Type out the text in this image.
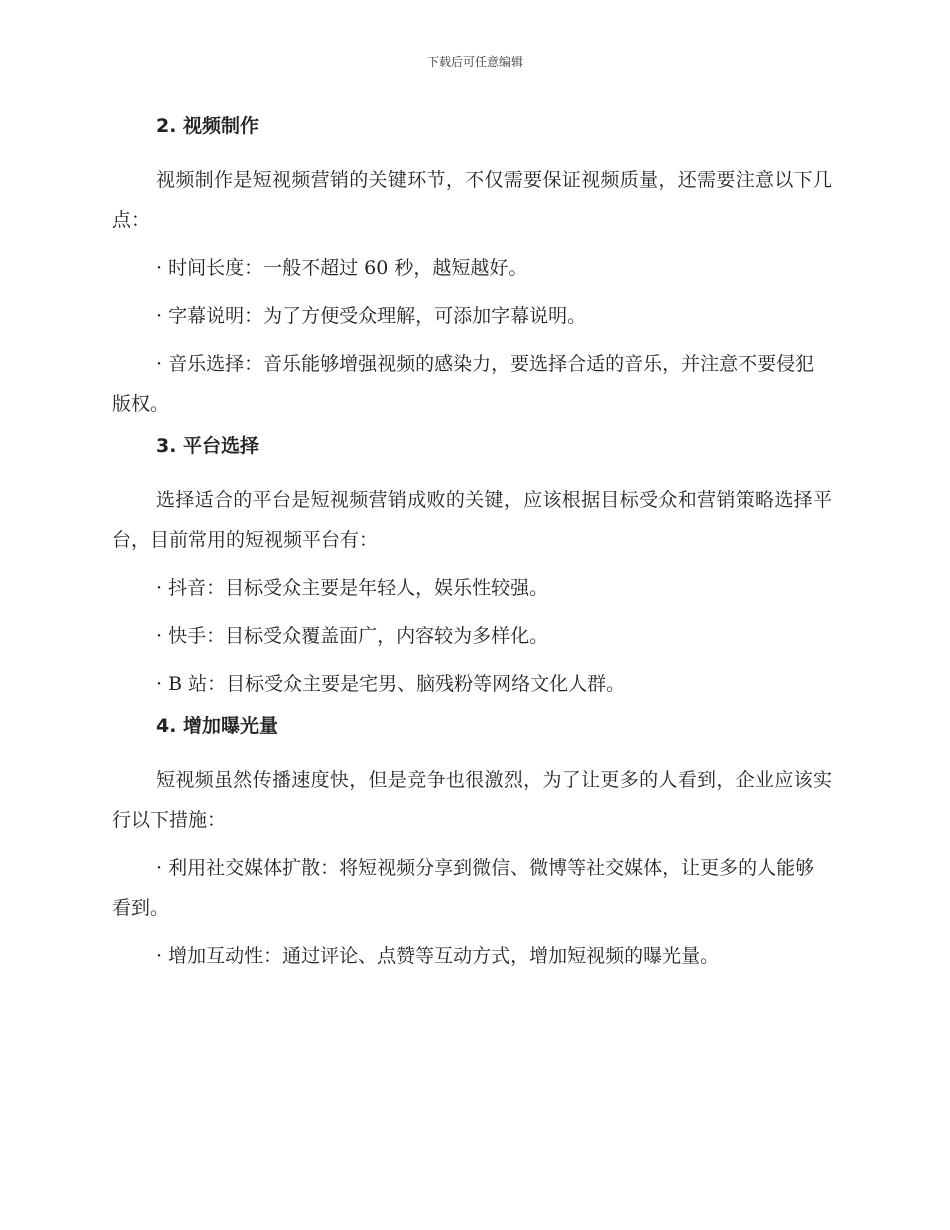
下载后可任意编辑
2. 视频制作

视频制作是短视频营销的关键环节，不仅需要保证视频质量，还需要注意以下几点：

· 时间长度：一般不超过 60 秒，越短越好。

· 字幕说明：为了方便受众理解，可添加字幕说明。

· 音乐选择：音乐能够增强视频的感染力，要选择合适的音乐，并注意不要侵犯版权。

3. 平台选择

选择适合的平台是短视频营销成败的关键，应该根据目标受众和营销策略选择平台，目前常用的短视频平台有：

· 抖音：目标受众主要是年轻人，娱乐性较强。

· 快手：目标受众覆盖面广，内容较为多样化。

· B 站：目标受众主要是宅男、脑残粉等网络文化人群。

4. 增加曝光量

短视频虽然传播速度快，但是竞争也很激烈，为了让更多的人看到，企业应该实行以下措施：

· 利用社交媒体扩散：将短视频分享到微信、微博等社交媒体，让更多的人能够看到。

· 增加互动性：通过评论、点赞等互动方式，增加短视频的曝光量。
